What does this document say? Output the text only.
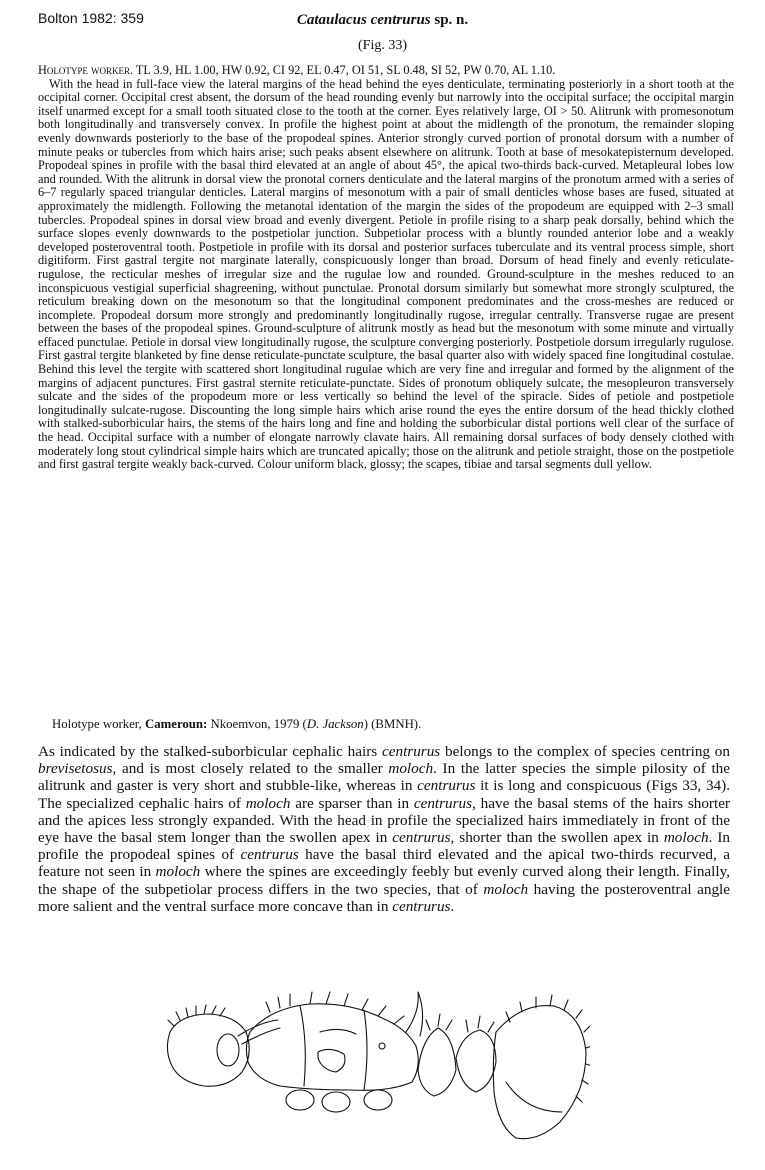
Bolton 1982: 359	Cataulacus centrurus sp. n.
(Fig. 33)

Holotype worker. TL 3.9, HL 1.00, HW 0.92, CI 92, EL 0.47, OI 51, SL 0.48, SI 52, PW 0.70, AL 1.10.

With the head in full-face view the lateral margins of the head behind the eyes denticulate, terminating posteriorly in a short tooth at the occipital corner. Occipital crest absent, the dorsum of the head rounding evenly but narrowly into the occipital surface; the occipital margin itself unarmed except for a small tooth situated close to the tooth at the corner. Eyes relatively large, OI > 50. Alitrunk with promesonotum both longitudinally and transversely convex. In profile the highest point at about the midlength of the pronotum, the remainder sloping evenly downwards posteriorly to the base of the propodeal spines. Anterior strongly curved portion of pronotal dorsum with a number of minute peaks or tubercles from which hairs arise; such peaks absent elsewhere on alitrunk. Tooth at base of mesokatepisternum developed. Propodeal spines in profile with the basal third elevated at an angle of about 45°, the apical two-thirds back-curved. Metapleural lobes low and rounded. With the alitrunk in dorsal view the pronotal corners denticulate and the lateral margins of the pronotum armed with a series of 6–7 regularly spaced triangular denticles. Lateral margins of mesonotum with a pair of small denticles whose bases are fused, situated at approximately the midlength. Following the metanotal identation of the margin the sides of the propodeum are equipped with 2–3 small tubercles. Propodeal spines in dorsal view broad and evenly divergent. Petiole in profile rising to a sharp peak dorsally, behind which the surface slopes evenly downwards to the postpetiolar junction. Subpetiolar process with a bluntly rounded anterior lobe and a weakly developed posteroventral tooth. Postpetiole in profile with its dorsal and posterior surfaces tuberculate and its ventral process simple, short digitiform. First gastral tergite not marginate laterally, conspicuously longer than broad. Dorsum of head finely and evenly reticulate-rugulose, the recticular meshes of irregular size and the rugulae low and rounded. Ground-sculpture in the meshes reduced to an inconspicuous vestigial superficial shagreening, without punctulae. Pronotal dorsum similarly but somewhat more strongly sculptured, the reticulum breaking down on the mesonotum so that the longitudinal component predominates and the cross-meshes are reduced or incomplete. Propodeal dorsum more strongly and predominantly longitudinally rugose, irregular centrally. Transverse rugae are present between the bases of the propodeal spines. Ground-sculpture of alitrunk mostly as head but the mesonotum with some minute and virtually effaced punctulae. Petiole in dorsal view longitudinally rugose, the sculpture converging posteriorly. Postpetiole dorsum irregularly rugulose. First gastral tergite blanketed by fine dense reticulate-punctate sculpture, the basal quarter also with widely spaced fine longitudinal costulae. Behind this level the tergite with scattered short longitudinal rugulae which are very fine and irregular and formed by the alignment of the margins of adjacent punctures. First gastral sternite reticulate-punctate. Sides of pronotum obliquely sulcate, the mesopleuron transversely sulcate and the sides of the propodeum more or less vertically so behind the level of the spiracle. Sides of petiole and postpetiole longitudinally sulcate-rugose. Discounting the long simple hairs which arise round the eyes the entire dorsum of the head thickly clothed with stalked-suborbicular hairs, the stems of the hairs long and fine and holding the suborbicular distal portions well clear of the surface of the head. Occipital surface with a number of elongate narrowly clavate hairs. All remaining dorsal surfaces of body densely clothed with moderately long stout cylindrical simple hairs which are truncated apically; those on the alitrunk and petiole straight, those on the postpetiole and first gastral tergite weakly back-curved. Colour uniform black, glossy; the scapes, tibiae and tarsal segments dull yellow.

Holotype worker, Cameroun: Nkoemvon, 1979 (D. Jackson) (BMNH).

As indicated by the stalked-suborbicular cephalic hairs centrurus belongs to the complex of species centring on brevisetosus, and is most closely related to the smaller moloch. In the latter species the simple pilosity of the alitrunk and gaster is very short and stubble-like, whereas in centrurus it is long and conspicuous (Figs 33, 34). The specialized cephalic hairs of moloch are sparser than in centrurus, have the basal stems of the hairs shorter and the apices less strongly expanded. With the head in profile the specialized hairs immediately in front of the eye have the basal stem longer than the swollen apex in centrurus, shorter than the swollen apex in moloch. In profile the propodeal spines of centrurus have the basal third elevated and the apical two-thirds recurved, a feature not seen in moloch where the spines are exceedingly feebly but evenly curved along their length. Finally, the shape of the subpetiolar process differs in the two species, that of moloch having the posteroventral angle more salient and the ventral surface more concave than in centrurus.
